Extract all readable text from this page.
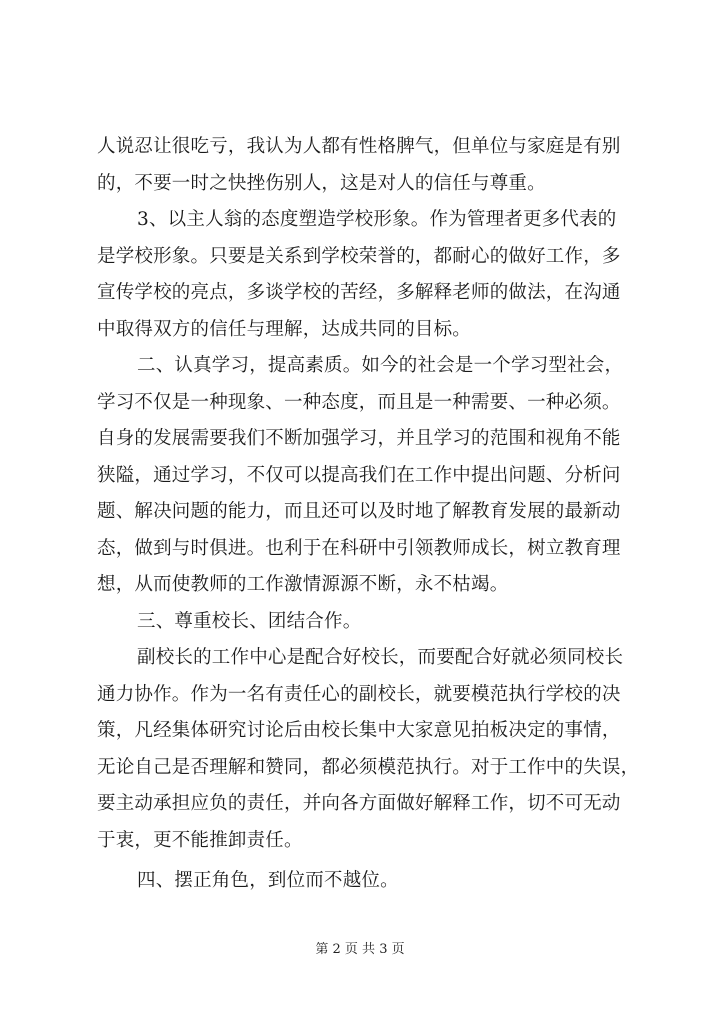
人说忍让很吃亏，我认为人都有性格脾气，但单位与家庭是有别
的，不要一时之快挫伤别人，这是对人的信任与尊重。
3、以主人翁的态度塑造学校形象。作为管理者更多代表的
是学校形象。只要是关系到学校荣誉的，都耐心的做好工作，多
宣传学校的亮点，多谈学校的苦经，多解释老师的做法，在沟通
中取得双方的信任与理解，达成共同的目标。
二、认真学习，提高素质。如今的社会是一个学习型社会，
学习不仅是一种现象、一种态度，而且是一种需要、一种必须。
自身的发展需要我们不断加强学习，并且学习的范围和视角不能
狭隘，通过学习，不仅可以提高我们在工作中提出问题、分析问
题、解决问题的能力，而且还可以及时地了解教育发展的最新动
态，做到与时俱进。也利于在科研中引领教师成长，树立教育理
想，从而使教师的工作激情源源不断，永不枯竭。
三、尊重校长、团结合作。
副校长的工作中心是配合好校长，而要配合好就必须同校长
通力协作。作为一名有责任心的副校长，就要模范执行学校的决
策，凡经集体研究讨论后由校长集中大家意见拍板决定的事情，
无论自己是否理解和赞同，都必须模范执行。对于工作中的失误，
要主动承担应负的责任，并向各方面做好解释工作，切不可无动
于衷，更不能推卸责任。
四、摆正角色，到位而不越位。
第 2 页 共 3 页
